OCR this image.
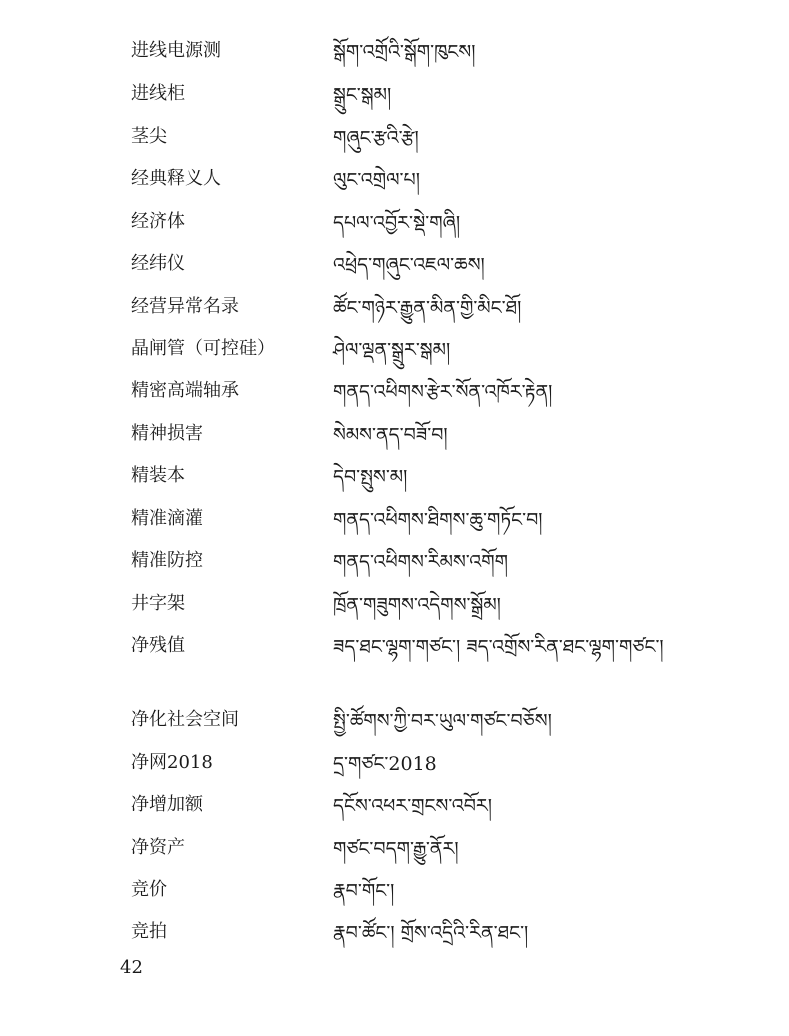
进线电源测	སྒོག་འགྲོའི་སྒོག་ཁུངས།
进线柜	སྒྲུང་སྒམ།
茎尖	གཞུང་རྩའི་རྩེ།
经典释义人	ལུང་འགྲེལ་པ།
经济体	དཔལ་འབྱོར་སྡེ་གཞི།
经纬仪	འཕྲེད་གཞུང་འཇལ་ཆས།
经营异常名录	ཚོང་གཉེར་རྒྱུན་མིན་གྱི་མིང་ཐོ།
晶闸管（可控硅）	ཤེལ་ལྡན་སྒྲུར་སྒམ།
精密高端轴承	གནད་འཕིགས་རྩེར་སོན་འཁོར་རྟེན།
精神损害	སེམས་ནད་བཟོ་བ།
精装本	དེབ་སྤུས་མ།
精准滴灌	གནད་འཕིགས་ཐིགས་ཆུ་གཏོང་བ།
精准防控	གནད་འཕིགས་རིམས་འགོག
井字架	ཁྲོན་གཟུགས་འདེགས་སྒྲོམ།
净残值	ཟད་ཐང་ལྷག་གཙང་། ཟད་འགྲོས་རིན་ཐང་ལྷག་གཙང་།
净化社会空间	སྤྱི་ཚོགས་ཀྱི་བར་ཡུལ་གཙང་བཅོས།
净网2018	དྲ་གཙང་2018
净增加额	དངོས་འཕར་གྲངས་འབོར།
净资产	གཙང་བདག་རྒྱུ་ནོར།
竞价	རྣབ་གོང་།
竞拍	རྣབ་ཚོང་། གྲོས་འདྲིའི་རིན་ཐང་།
42
